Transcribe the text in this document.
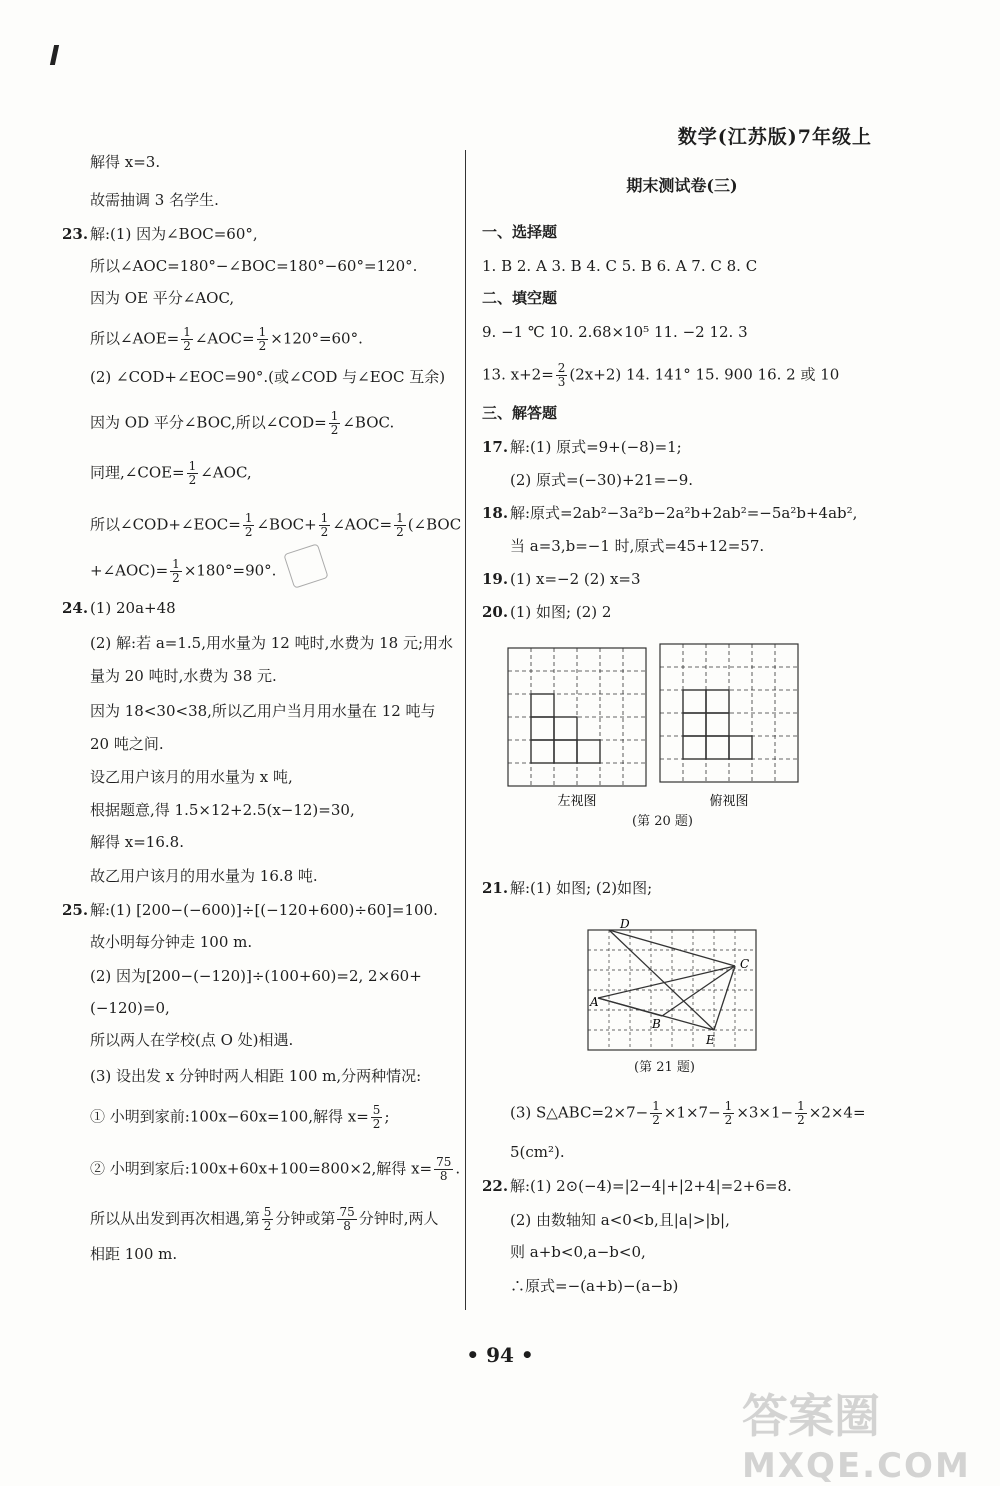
数学(江苏版)7年级上
解得 x=3.
故需抽调 3 名学生.
23. 解:(1) 因为∠BOC=60°,
所以∠AOC=180°−∠BOC=180°−60°=120°.
因为 OE 平分∠AOC,
所以∠AOE= $\frac{1}{2}$ ∠AOC= $\frac{1}{2} \times 120^\circ=60^\circ$.
(2) ∠COD+∠EOC=90°.(或∠COD 与∠EOC 互余)
因为 OD 平分∠BOC,所以∠COD= $\frac{1}{2}$ ∠BOC.
同理,∠COE= $\frac{1}{2}$ ∠AOC,
所以∠COD+∠EOC= $\frac{1}{2}$ ∠BOC+ $\frac{1}{2}$ ∠AOC= $\frac{1}{2}$ (∠BOC
+∠AOC)= $\frac{1}{2} \times 180^\circ=90^\circ$.
24. (1) 20a+48
(2) 解:若 a=1.5,用水量为 12 吨时,水费为 18 元;用水
量为 20 吨时,水费为 38 元.
因为 18<30<38,所以乙用户当月用水量在 12 吨与
20 吨之间.
设乙用户该月的用水量为 x 吨,
根据题意,得 1.5×12+2.5(x−12)=30,
解得 x=16.8.
故乙用户该月的用水量为 16.8 吨.
25. 解:(1) [200−(−600)]÷[(−120+600)÷60]=100.
故小明每分钟走 100 m.
(2) 因为[200−(−120)]÷(100+60)=2, 2×60+
(−120)=0,
所以两人在学校(点 O 处)相遇.
(3) 设出发 x 分钟时两人相距 100 m,分两种情况:
① 小明到家前:100x−60x=100,解得 $x= \frac{5}{2}$ ;
② 小明到家后:100x+60x+100=800×2,解得 $x= \frac{75}{8}$ .
所以从出发到再次相遇,第 $\frac{5}{2}$ 分钟或第 $\frac{75}{8}$ 分钟时,两人
相距 100 m.
期末测试卷(三)
一、选择题
1. B 2. A 3. B 4. C 5. B 6. A 7. C 8. C
二、填空题
9. −1 ℃ 10. 2.68×10⁵ 11. −2 12. 3
13. $x+2= \frac{2}{3} (2x+2)$ 14. 141° 15. 900 16. 2 或 10
三、解答题
17. 解:(1) 原式=9+(−8)=1;
(2) 原式=(−30)+21=−9.
18. 解:原式=2ab²−3a²b−2a²b+2ab²=−5a²b+4ab²,
当 a=3,b=−1 时,原式=45+12=57.
19. (1) x=−2 (2) x=3
20. (1) 如图; (2) 2
左视图	俯视图
(第 20 题)
21. 解:(1) 如图; (2)如图;
D
C
A
B
E
(第 21 题)
(3) S△ABC=2×7− $\frac{1}{2} \times 1\times 7- \frac{1}{2} \times 3\times 1- \frac{1}{2} \times 2\times 4=$
5(cm²).
22. 解:(1) 2⊙(−4)=|2−4|+|2+4|=2+6=8.
(2) 由数轴知 a<0<b,且|a|>|b|,
则 a+b<0,a−b<0,
∴原式=−(a+b)−(a−b)
• 94 •
答案圈
MXQE.COM
